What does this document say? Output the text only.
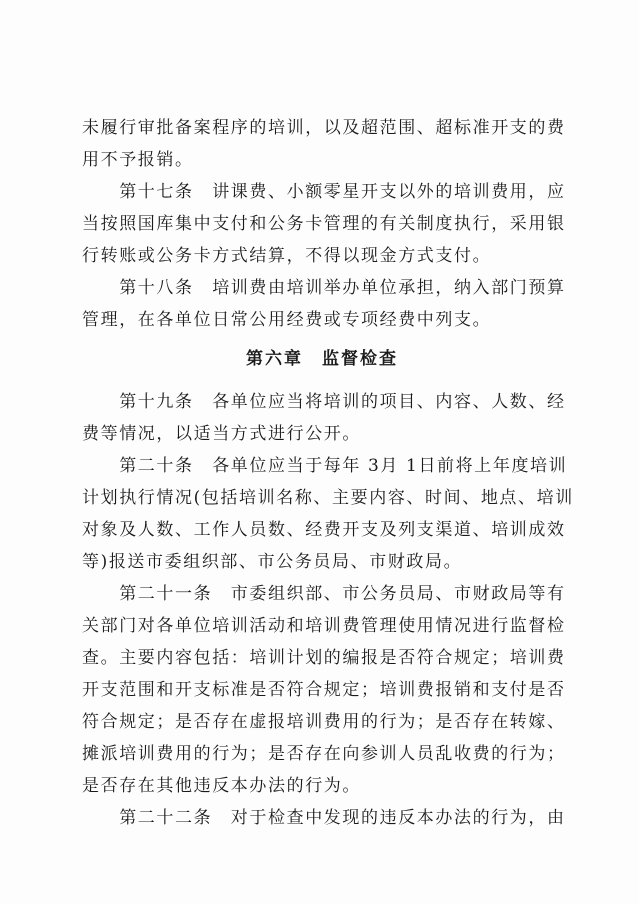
未履行审批备案程序的培训，以及超范围、超标准开支的费
用不予报销。
　　第十七条　讲课费、小额零星开支以外的培训费用，应
当按照国库集中支付和公务卡管理的有关制度执行，采用银
行转账或公务卡方式结算，不得以现金方式支付。
　　第十八条　培训费由培训举办单位承担，纳入部门预算
管理，在各单位日常公用经费或专项经费中列支。
第六章　监督检查
　　第十九条　各单位应当将培训的项目、内容、人数、经
费等情况，以适当方式进行公开。
　　第二十条　各单位应当于每年 3月 1日前将上年度培训
计划执行情况(包括培训名称、主要内容、时间、地点、培训
对象及人数、工作人员数、经费开支及列支渠道、培训成效
等)报送市委组织部、市公务员局、市财政局。
　　第二十一条　市委组织部、市公务员局、市财政局等有
关部门对各单位培训活动和培训费管理使用情况进行监督检
查。主要内容包括：培训计划的编报是否符合规定；培训费
开支范围和开支标准是否符合规定；培训费报销和支付是否
符合规定；是否存在虚报培训费用的行为；是否存在转嫁、
摊派培训费用的行为；是否存在向参训人员乱收费的行为；
是否存在其他违反本办法的行为。
　　第二十二条　对于检查中发现的违反本办法的行为，由
